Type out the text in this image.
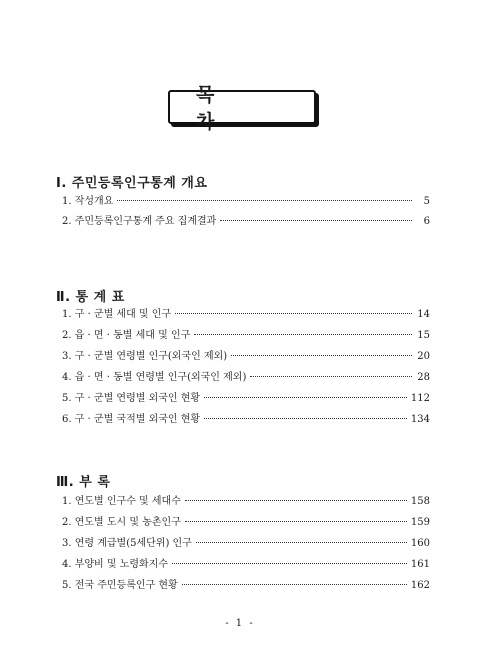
목 차
Ⅰ. 주민등록인구통계 개요
1. 작성개요	5
2. 주민등록인구통계 주요 집계결과	6
Ⅱ. 통 계 표
1. 구 · 군별 세대 및 인구	14
2. 읍 · 면 · 동별 세대 및 인구	15
3. 구 · 군별 연령별 인구(외국인 제외)	20
4. 읍 · 면 · 동별 연령별 인구(외국인 제외)	28
5. 구 · 군별 연령별 외국인 현황	112
6. 구 · 군별 국적별 외국인 현황	134
Ⅲ. 부 록
1. 연도별 인구수 및 세대수	158
2. 연도별 도시 및 농촌인구	159
3. 연령 계급별(5세단위) 인구	160
4. 부양비 및 노령화지수	161
5. 전국 주민등록인구 현황	162
- 1 -
